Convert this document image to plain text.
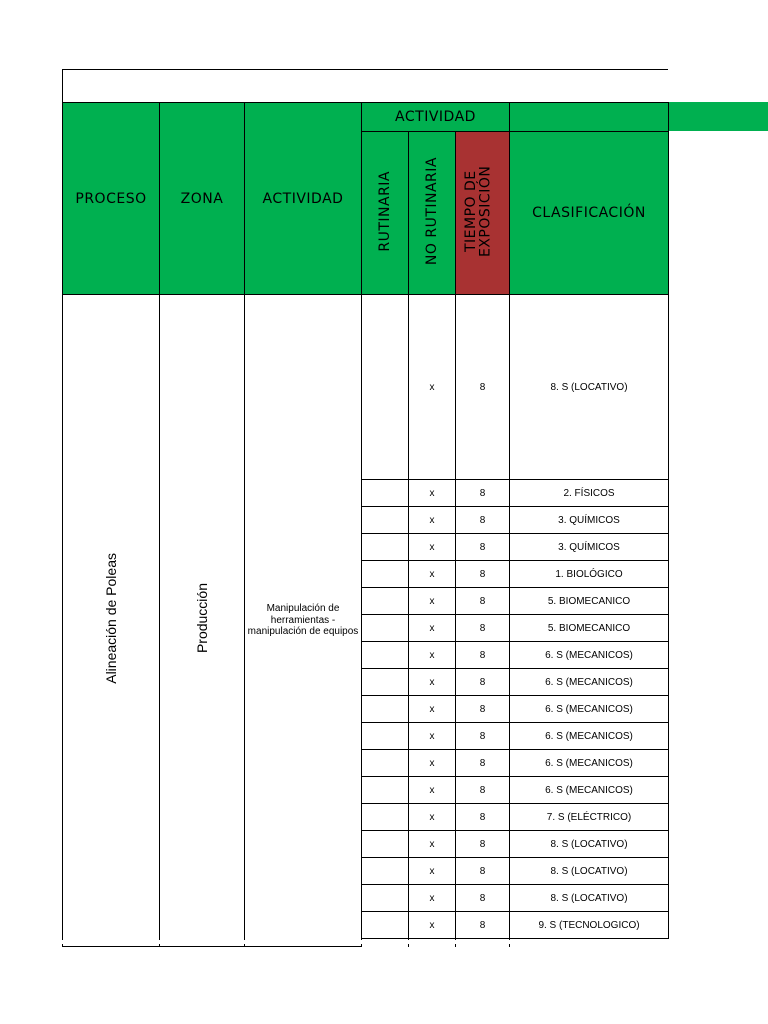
PROCESO	ZONA	ACTIVIDAD	ACTIVIDAD			
			RUTINARIA	NO RUTINARIA	TIEMPO DE EXPOSICIÓN	CLASIFICACIÓN
Alineación de Poleas	Producción	Manipulación de herramientas - manipulación de equipos		x	8	8. S (LOCATIVO)
				x	8	2. FÍSICOS
				x	8	3. QUÍMICOS
				x	8	3. QUÍMICOS
				x	8	1. BIOLÓGICO
				x	8	5. BIOMECANICO
				x	8	5. BIOMECANICO
				x	8	6. S (MECANICOS)
				x	8	6. S (MECANICOS)
				x	8	6. S (MECANICOS)
				x	8	6. S (MECANICOS)
				x	8	6. S (MECANICOS)
				x	8	6. S (MECANICOS)
				x	8	7. S (ELÉCTRICO)
				x	8	8. S (LOCATIVO)
				x	8	8. S (LOCATIVO)
				x	8	8. S (LOCATIVO)
				x	8	9. S (TECNOLOGICO)
